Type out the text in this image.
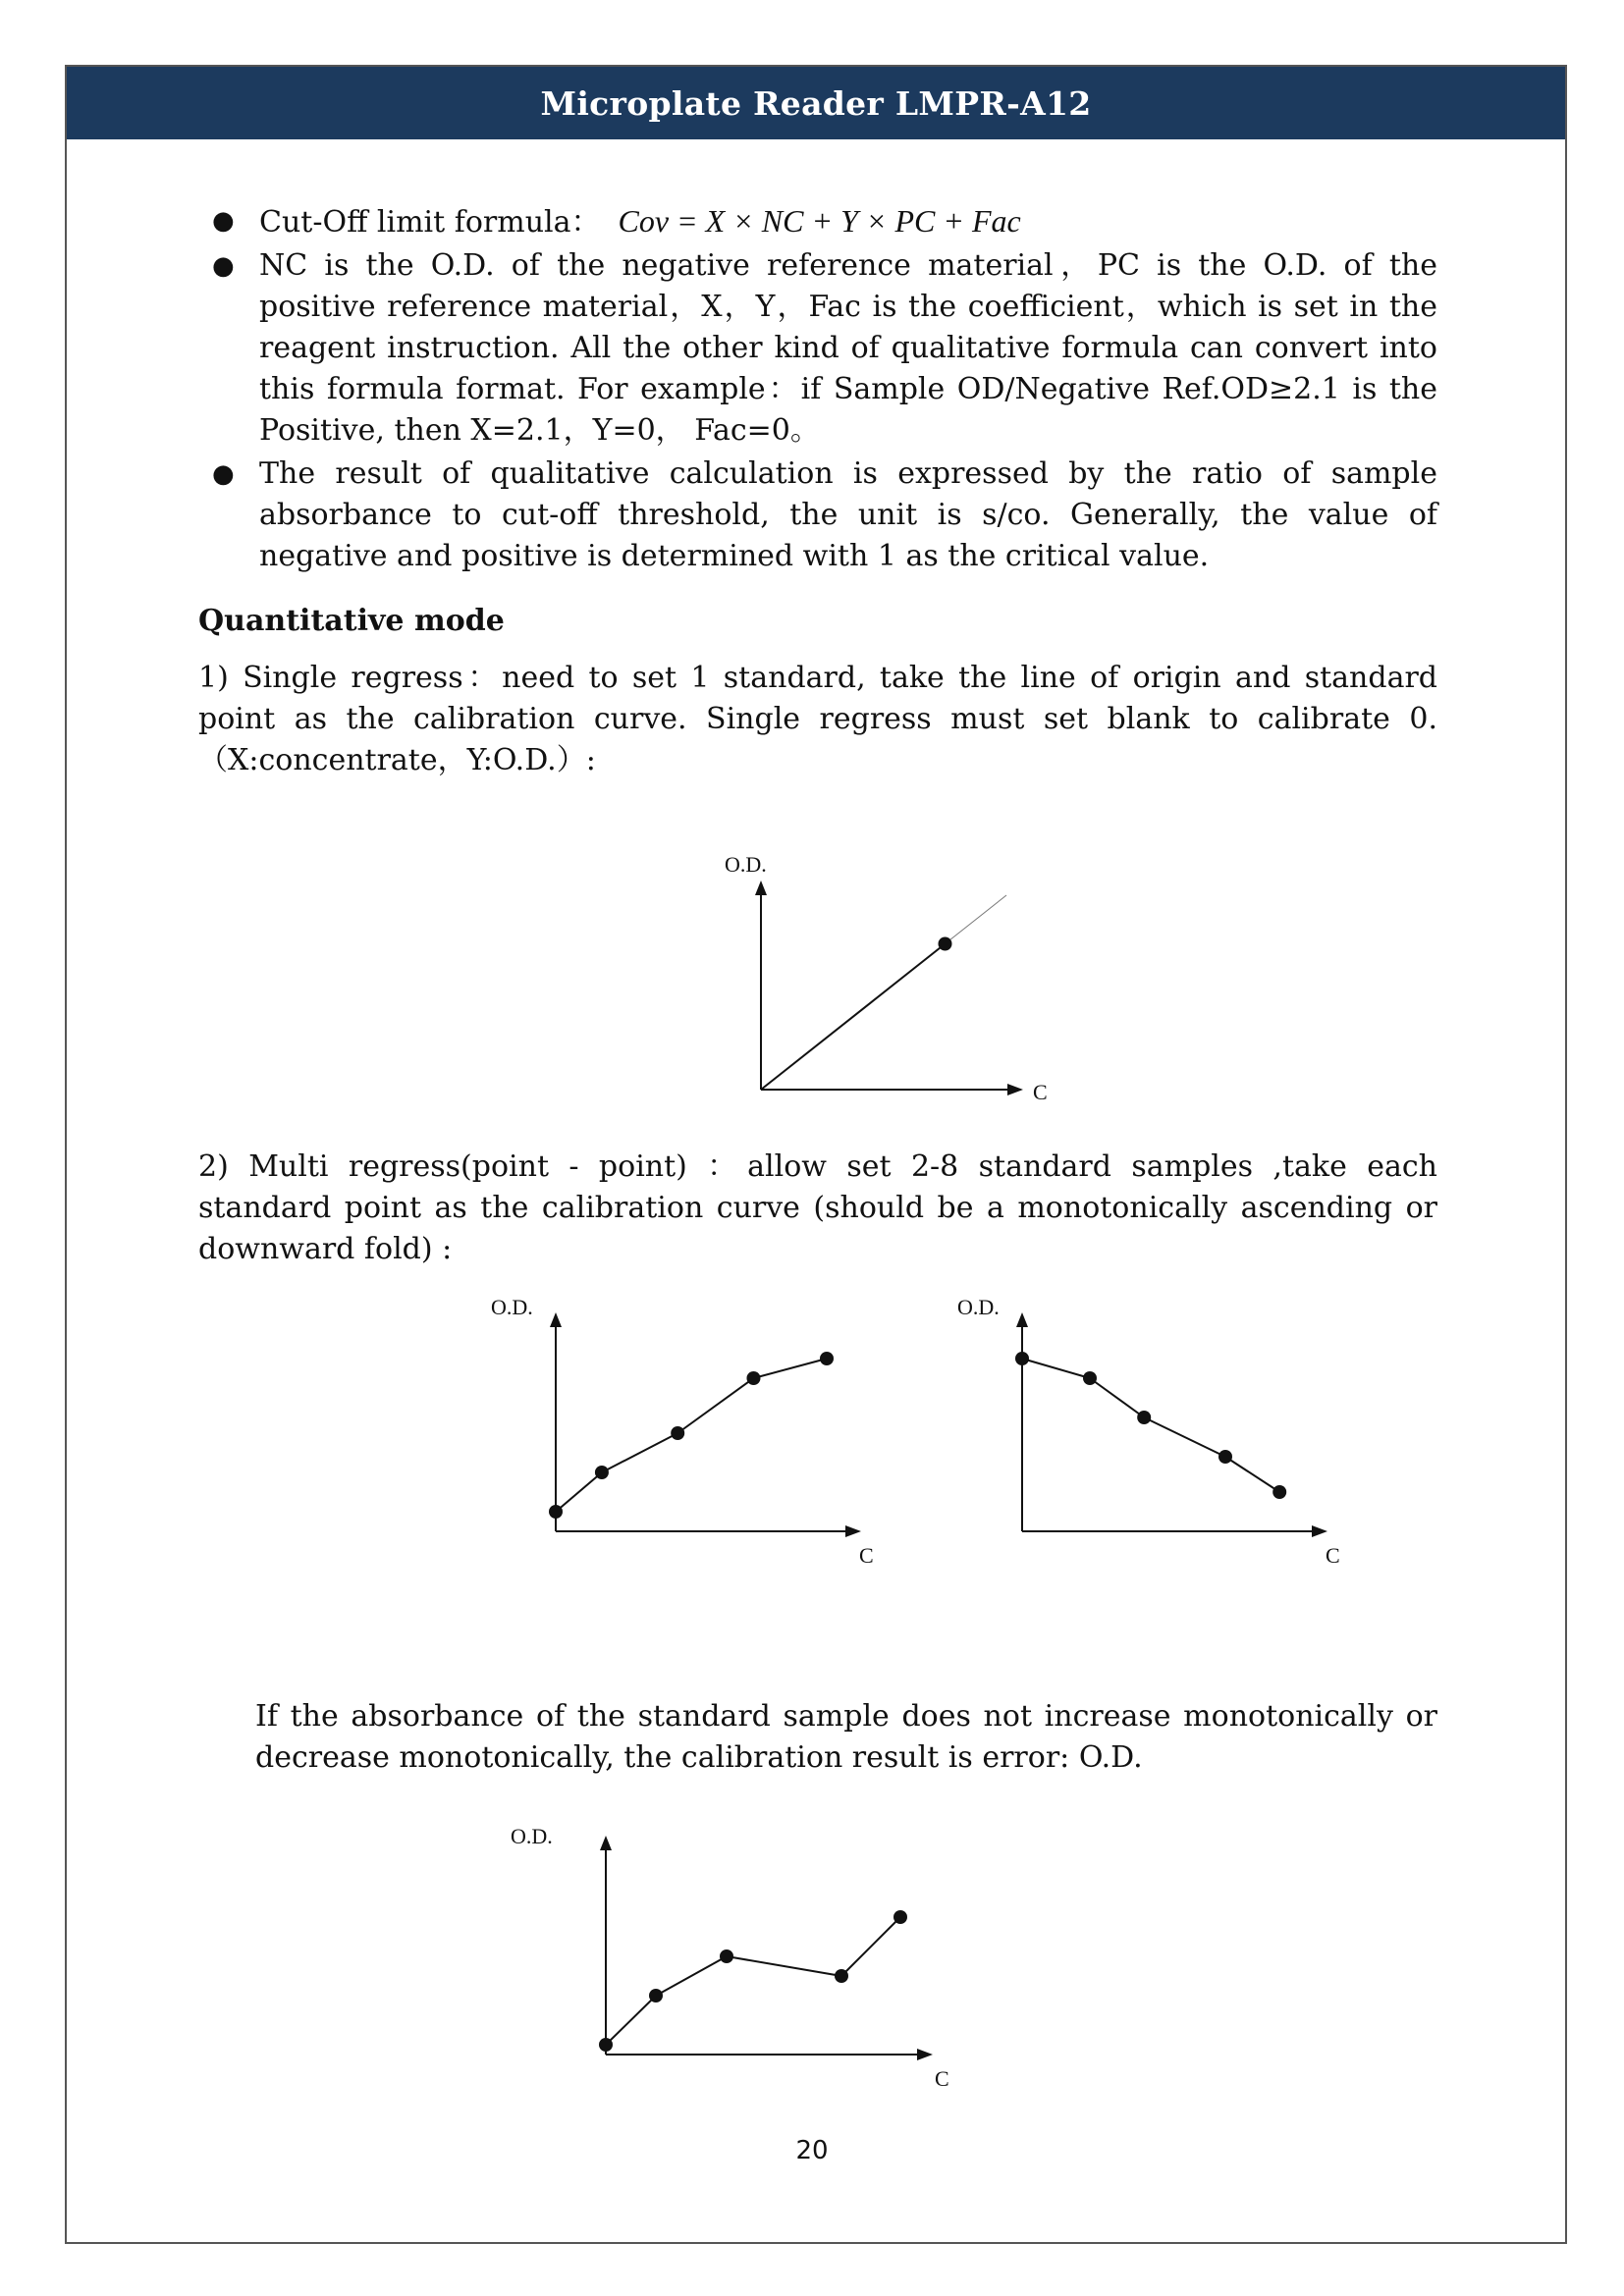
Microplate Reader LMPR-A12
● Cut-Off limit formula： Cov = X × NC + Y × PC + Fac
● NC is the O.D. of the negative reference material，PC is the O.D. of the positive reference material，X，Y，Fac is the coefficient，which is set in the reagent instruction. All the other kind of qualitative formula can convert into this formula format. For example：if Sample OD/Negative Ref.OD≥2.1 is the Positive, then X=2.1，Y=0， Fac=0。
● The result of qualitative calculation is expressed by the ratio of sample absorbance to cut-off threshold, the unit is s/co. Generally, the value of negative and positive is determined with 1 as the critical value.
Quantitative mode
1) Single regress：need to set 1 standard, take the line of origin and standard point as the calibration curve. Single regress must set blank to calibrate 0. （X:concentrate，Y:O.D.）:
2) Multi regress(point - point) ：allow set 2-8 standard samples ,take each standard point as the calibration curve (should be a monotonically ascending or downward fold) :
If the absorbance of the standard sample does not increase monotonically or decrease monotonically, the calibration result is error: O.D.
O.D.
C
O.D.
C
O.D.
C
O.D.
C
20
